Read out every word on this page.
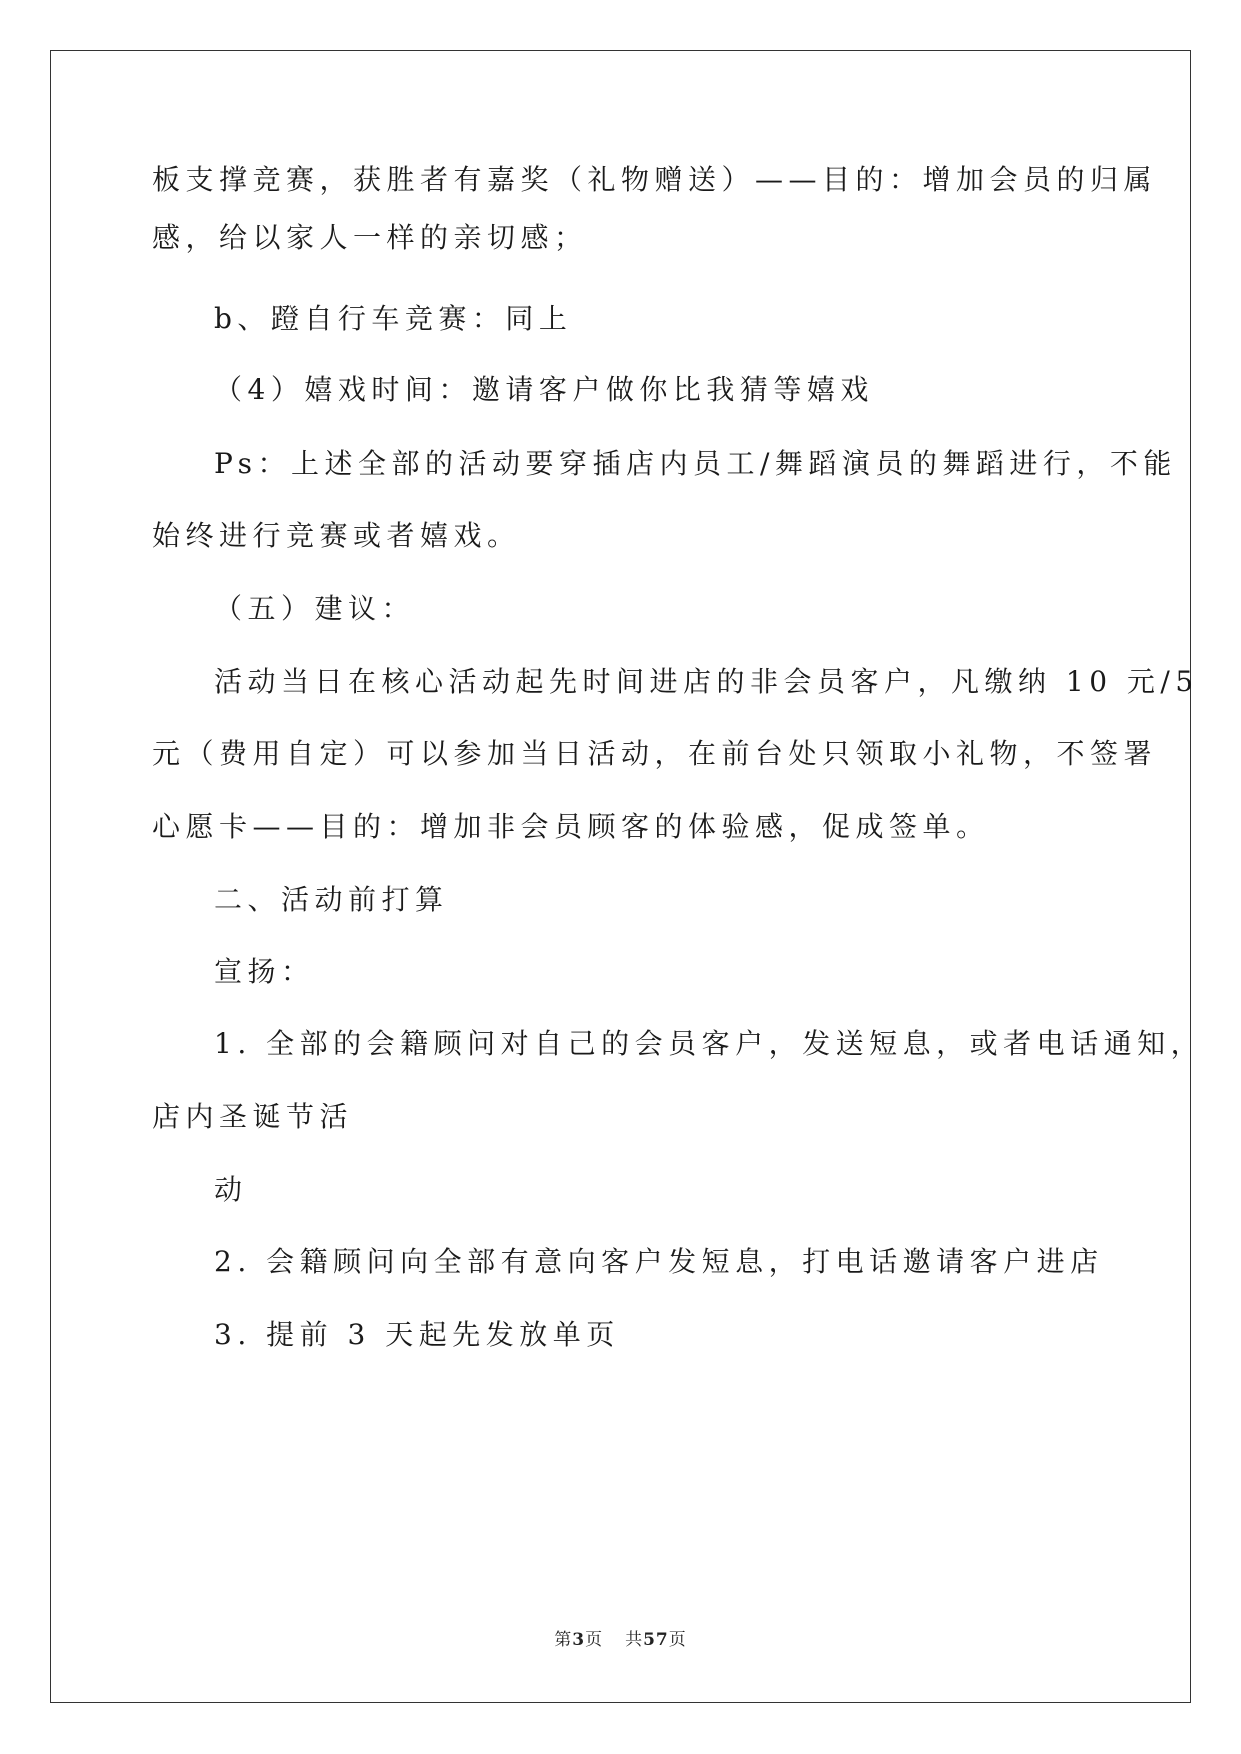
板支撑竞赛，获胜者有嘉奖（礼物赠送）——目的：增加会员的归属
感，给以家人一样的亲切感；
b、蹬自行车竞赛：同上
（4）嬉戏时间：邀请客户做你比我猜等嬉戏
Ps：上述全部的活动要穿插店内员工/舞蹈演员的舞蹈进行，不能
始终进行竞赛或者嬉戏。
（五）建议：
活动当日在核心活动起先时间进店的非会员客户，凡缴纳 10 元/5
元（费用自定）可以参加当日活动，在前台处只领取小礼物，不签署
心愿卡——目的：增加非会员顾客的体验感，促成签单。
二、活动前打算
宣扬：
1. 全部的会籍顾问对自己的会员客户，发送短息，或者电话通知，
店内圣诞节活
动
2. 会籍顾问向全部有意向客户发短息，打电话邀请客户进店
3. 提前 3 天起先发放单页
第3页 共57页
